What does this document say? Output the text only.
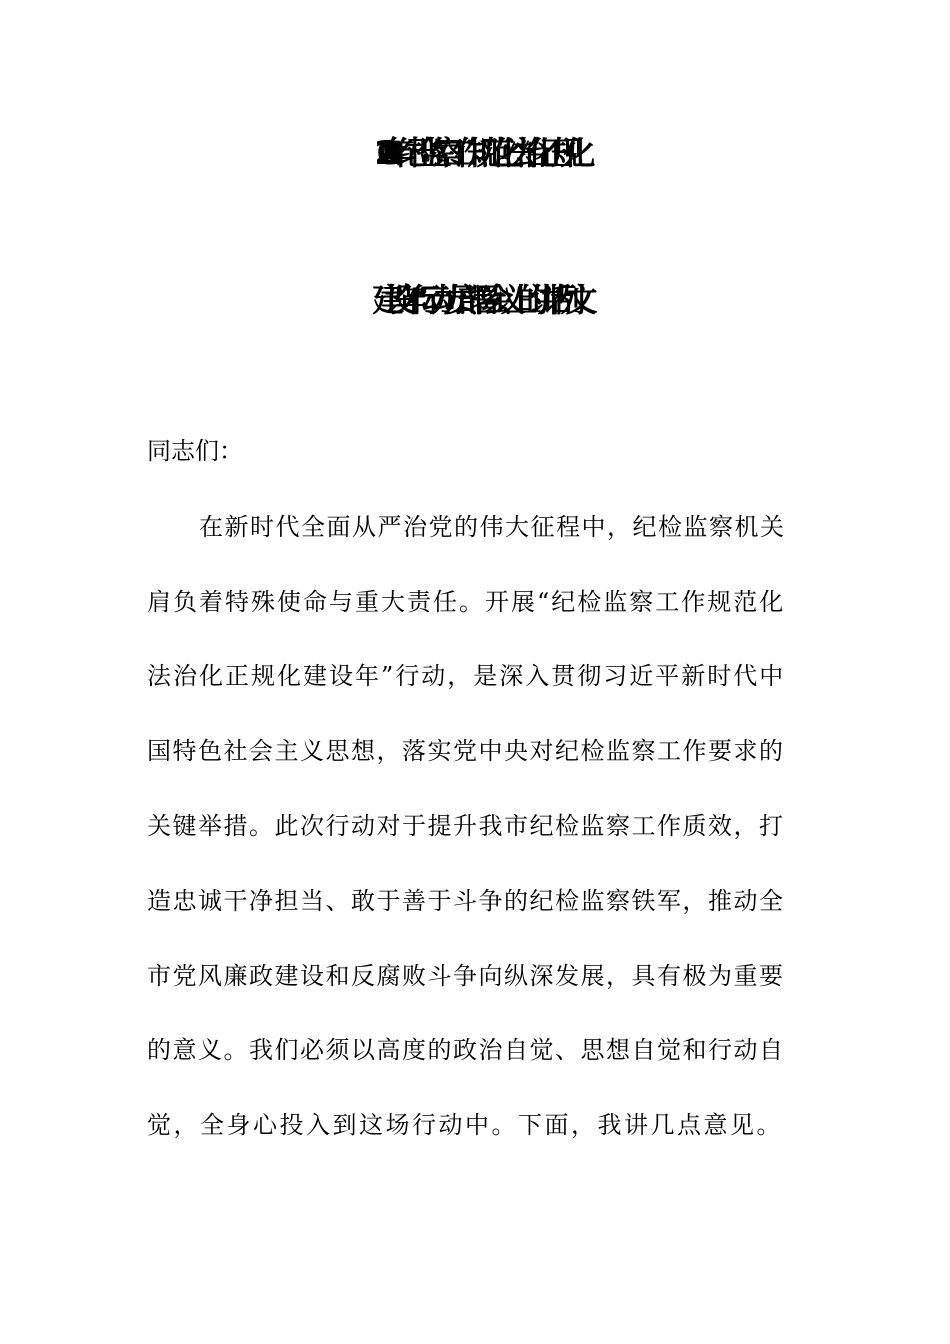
2025年纪检监察工作规范化法治化正规化
建设年”行动动员部署会议上的讲话例文
同志们：
在新时代全面从严治党的伟大征程中，纪检监察机关
肩负着特殊使命与重大责任。开展“纪检监察工作规范化
法治化正规化建设年”行动，是深入贯彻习近平新时代中
国特色社会主义思想，落实党中央对纪检监察工作要求的
关键举措。此次行动对于提升我市纪检监察工作质效，打
造忠诚干净担当、敢于善于斗争的纪检监察铁军，推动全
市党风廉政建设和反腐败斗争向纵深发展，具有极为重要
的意义。我们必须以高度的政治自觉、思想自觉和行动自
觉，全身心投入到这场行动中。下面，我讲几点意见。
